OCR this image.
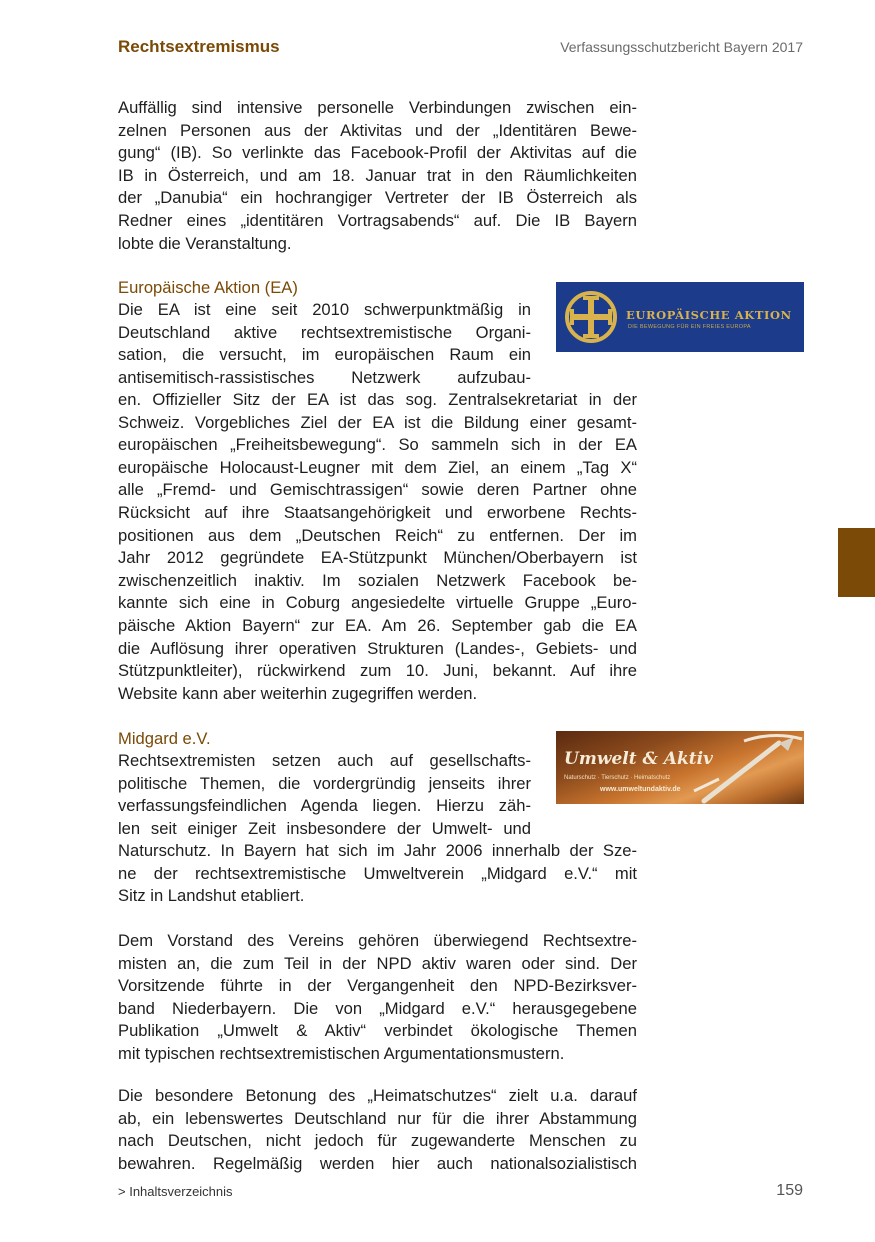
Rechtsextremismus	Verfassungsschutzbericht Bayern 2017

Auffällig sind intensive personelle Verbindungen zwischen ein-
zelnen Personen aus der Aktivitas und der „Identitären Bewe-
gung“ (IB). So verlinkte das Facebook-Profil der Aktivitas auf die
IB in Österreich, und am 18. Januar trat in den Räumlichkeiten
der „Danubia“ ein hochrangiger Vertreter der IB Österreich als
Redner eines „identitären Vortragsabends“ auf. Die IB Bayern
lobte die Veranstaltung.

Europäische Aktion (EA)
EUROPÄISCHE AKTION
DIE BEWEGUNG FÜR EIN FREIES EUROPA

Die EA ist eine seit 2010 schwerpunktmäßig in
Deutschland aktive rechtsextremistische Organi-
sation, die versucht, im europäischen Raum ein
antisemitisch-rassistisches Netzwerk aufzubau-

en. Offizieller Sitz der EA ist das sog. Zentralsekretariat in der
Schweiz. Vorgebliches Ziel der EA ist die Bildung einer gesamt-
europäischen „Freiheitsbewegung“. So sammeln sich in der EA
europäische Holocaust-Leugner mit dem Ziel, an einem „Tag X“
alle „Fremd- und Gemischtrassigen“ sowie deren Partner ohne
Rücksicht auf ihre Staatsangehörigkeit und erworbene Rechts-
positionen aus dem „Deutschen Reich“ zu entfernen. Der im
Jahr 2012 gegründete EA-Stützpunkt München/Oberbayern ist
zwischenzeitlich inaktiv. Im sozialen Netzwerk Facebook be-
kannte sich eine in Coburg angesiedelte virtuelle Gruppe „Euro-
päische Aktion Bayern“ zur EA. Am 26. September gab die EA
die Auflösung ihrer operativen Strukturen (Landes-, Gebiets- und
Stützpunktleiter), rückwirkend zum 10. Juni, bekannt. Auf ihre
Website kann aber weiterhin zugegriffen werden.

Midgard e.V.
Umwelt & Aktiv
Naturschutz · Tierschutz · Heimatschutz
www.umweltundaktiv.de

Rechtsextremisten setzen auch auf gesellschafts-
politische Themen, die vordergründig jenseits ihrer
verfassungsfeindlichen Agenda liegen. Hierzu zäh-
len seit einiger Zeit insbesondere der Umwelt- und

Naturschutz. In Bayern hat sich im Jahr 2006 innerhalb der Sze-
ne der rechtsextremistische Umweltverein „Midgard e.V.“ mit
Sitz in Landshut etabliert.

Dem Vorstand des Vereins gehören überwiegend Rechtsextre-
misten an, die zum Teil in der NPD aktiv waren oder sind. Der
Vorsitzende führte in der Vergangenheit den NPD-Bezirksver-
band Niederbayern. Die von „Midgard e.V.“ herausgegebene
Publikation „Umwelt & Aktiv“ verbindet ökologische Themen
mit typischen rechtsextremistischen Argumentationsmustern.

Die besondere Betonung des „Heimatschutzes“ zielt u.a. darauf
ab, ein lebenswertes Deutschland nur für die ihrer Abstammung
nach Deutschen, nicht jedoch für zugewanderte Menschen zu
bewahren. Regelmäßig werden hier auch nationalsozialistisch

> Inhaltsverzeichnis	159
